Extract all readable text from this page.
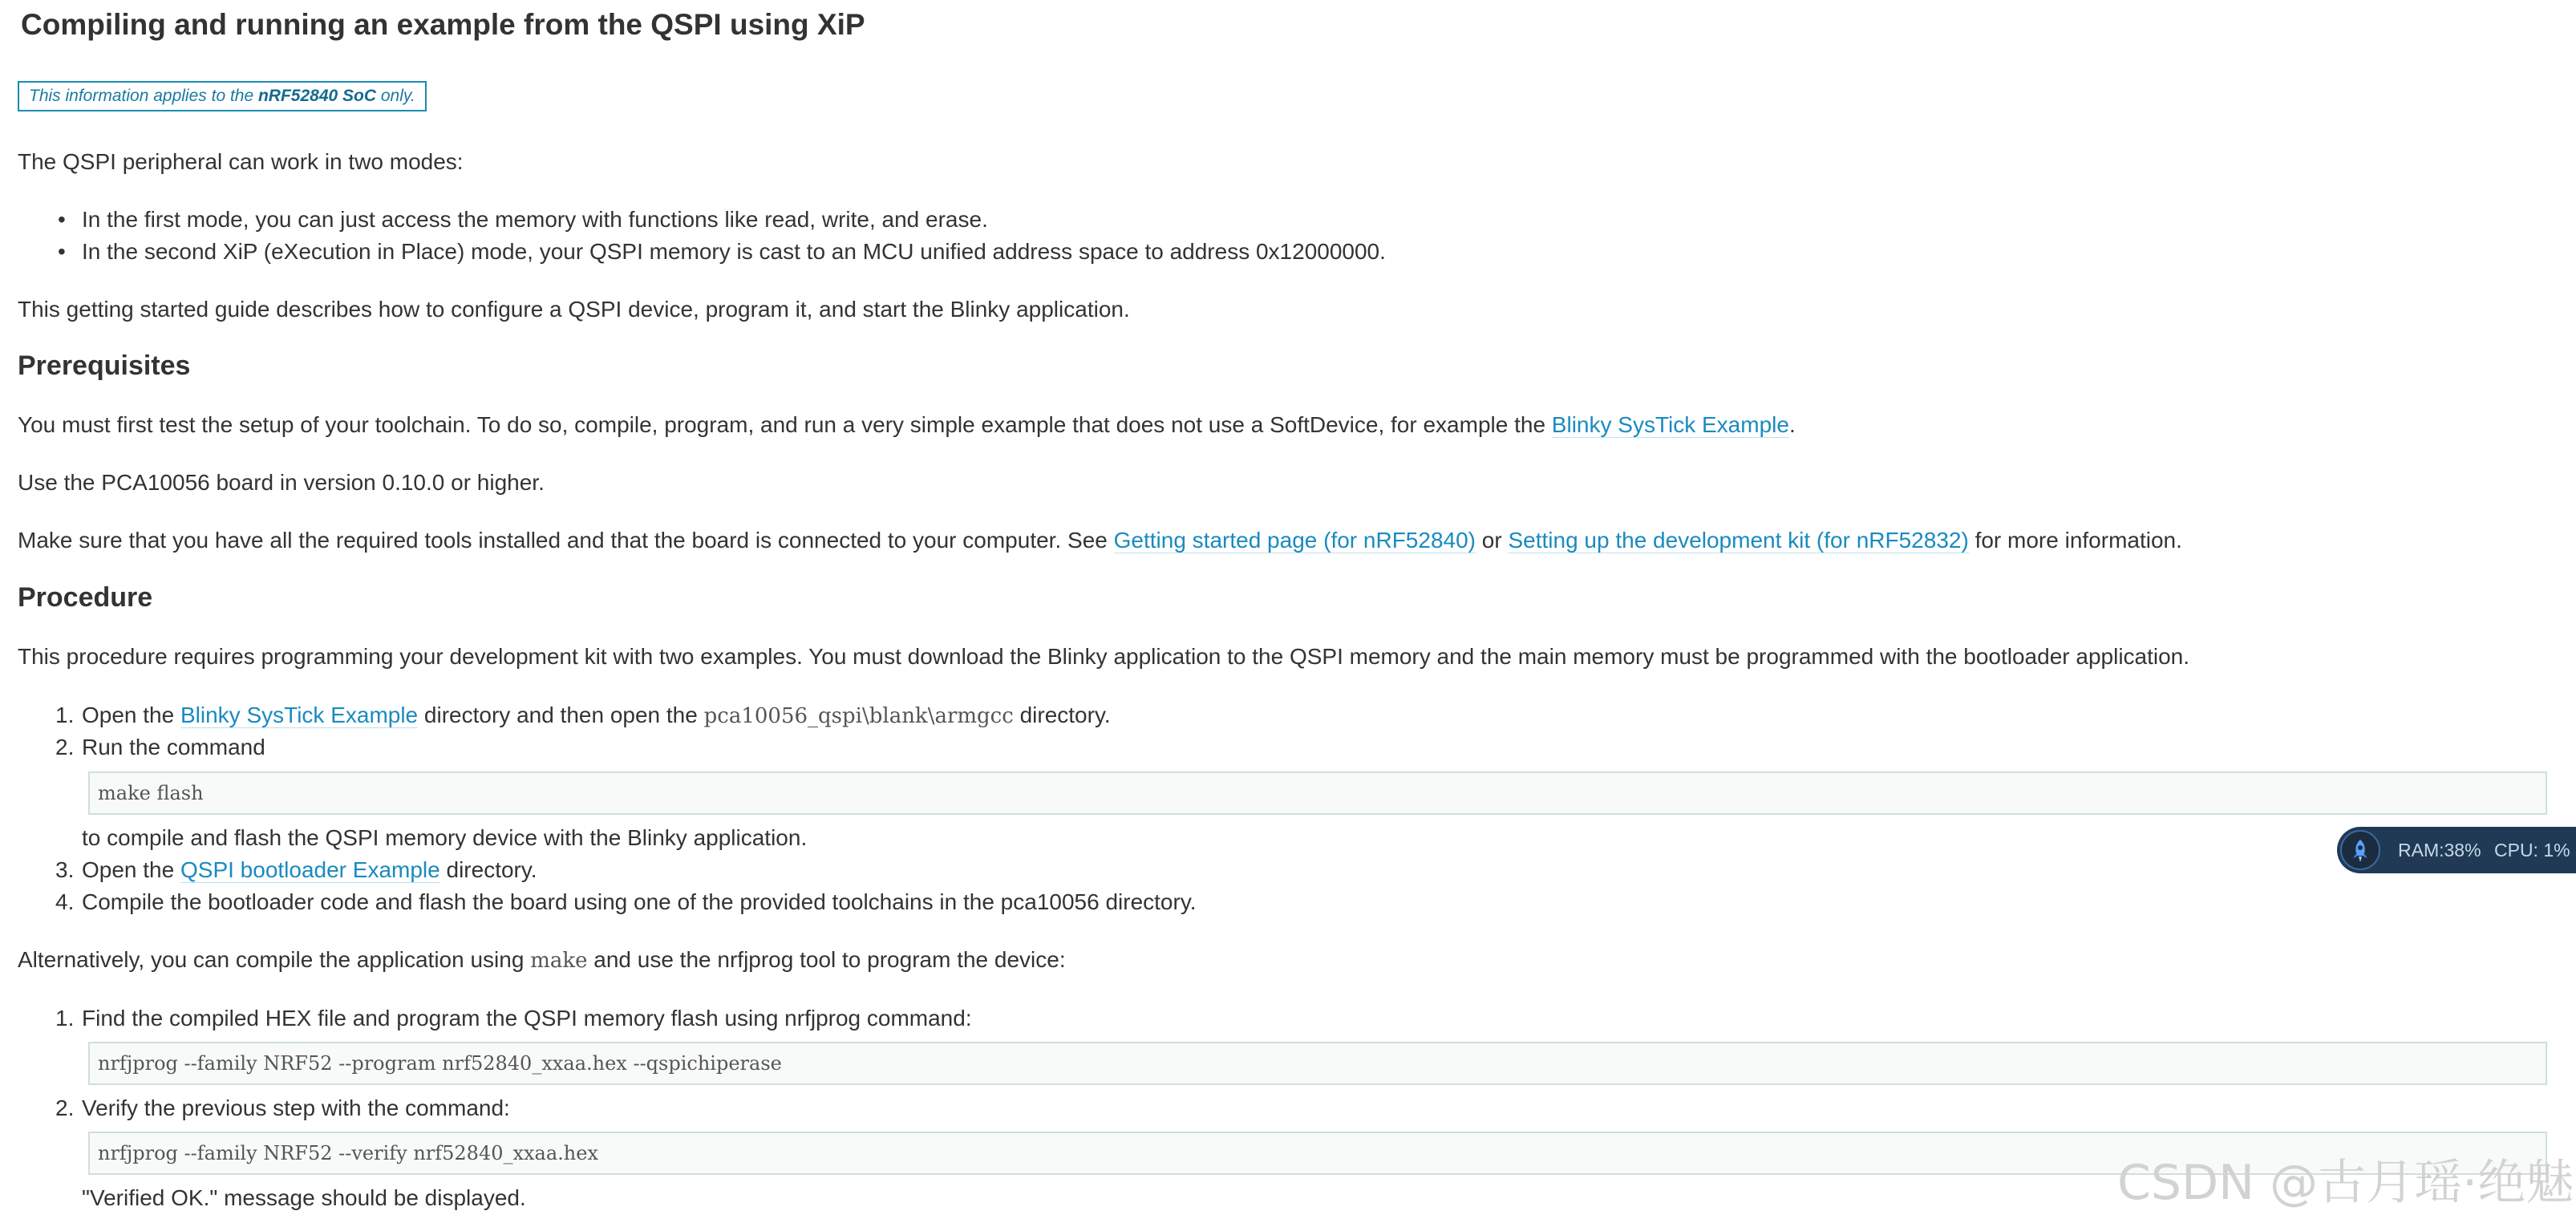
Compiling and running an example from the QSPI using XiP
This information applies to the nRF52840 SoC only.

The QSPI peripheral can work in two modes:

• In the first mode, you can just access the memory with functions like read, write, and erase.
• In the second XiP (eXecution in Place) mode, your QSPI memory is cast to an MCU unified address space to address 0x12000000.

This getting started guide describes how to configure a QSPI device, program it, and start the Blinky application.

Prerequisites

You must first test the setup of your toolchain. To do so, compile, program, and run a very simple example that does not use a SoftDevice, for example the Blinky SysTick Example.

Use the PCA10056 board in version 0.10.0 or higher.

Make sure that you have all the required tools installed and that the board is connected to your computer. See Getting started page (for nRF52840) or Setting up the development kit (for nRF52832) for more information.

Procedure

This procedure requires programming your development kit with two examples. You must download the Blinky application to the QSPI memory and the main memory must be programmed with the bootloader application.

1. Open the Blinky SysTick Example directory and then open the pca10056_qspi\blank\armgcc directory.
2. Run the command
make flash
to compile and flash the QSPI memory device with the Blinky application.
3. Open the QSPI bootloader Example directory.
4. Compile the bootloader code and flash the board using one of the provided toolchains in the pca10056 directory.

Alternatively, you can compile the application using make and use the nrfjprog tool to program the device:

1. Find the compiled HEX file and program the QSPI memory flash using nrfjprog command:
nrfjprog --family NRF52 --program nrf52840_xxaa.hex --qspichiperase
2. Verify the previous step with the command:
nrfjprog --family NRF52 --verify nrf52840_xxaa.hex
"Verified OK." message should be displayed.
RAM:38% CPU: 1%
CSDN @古月瑶·绝魅
